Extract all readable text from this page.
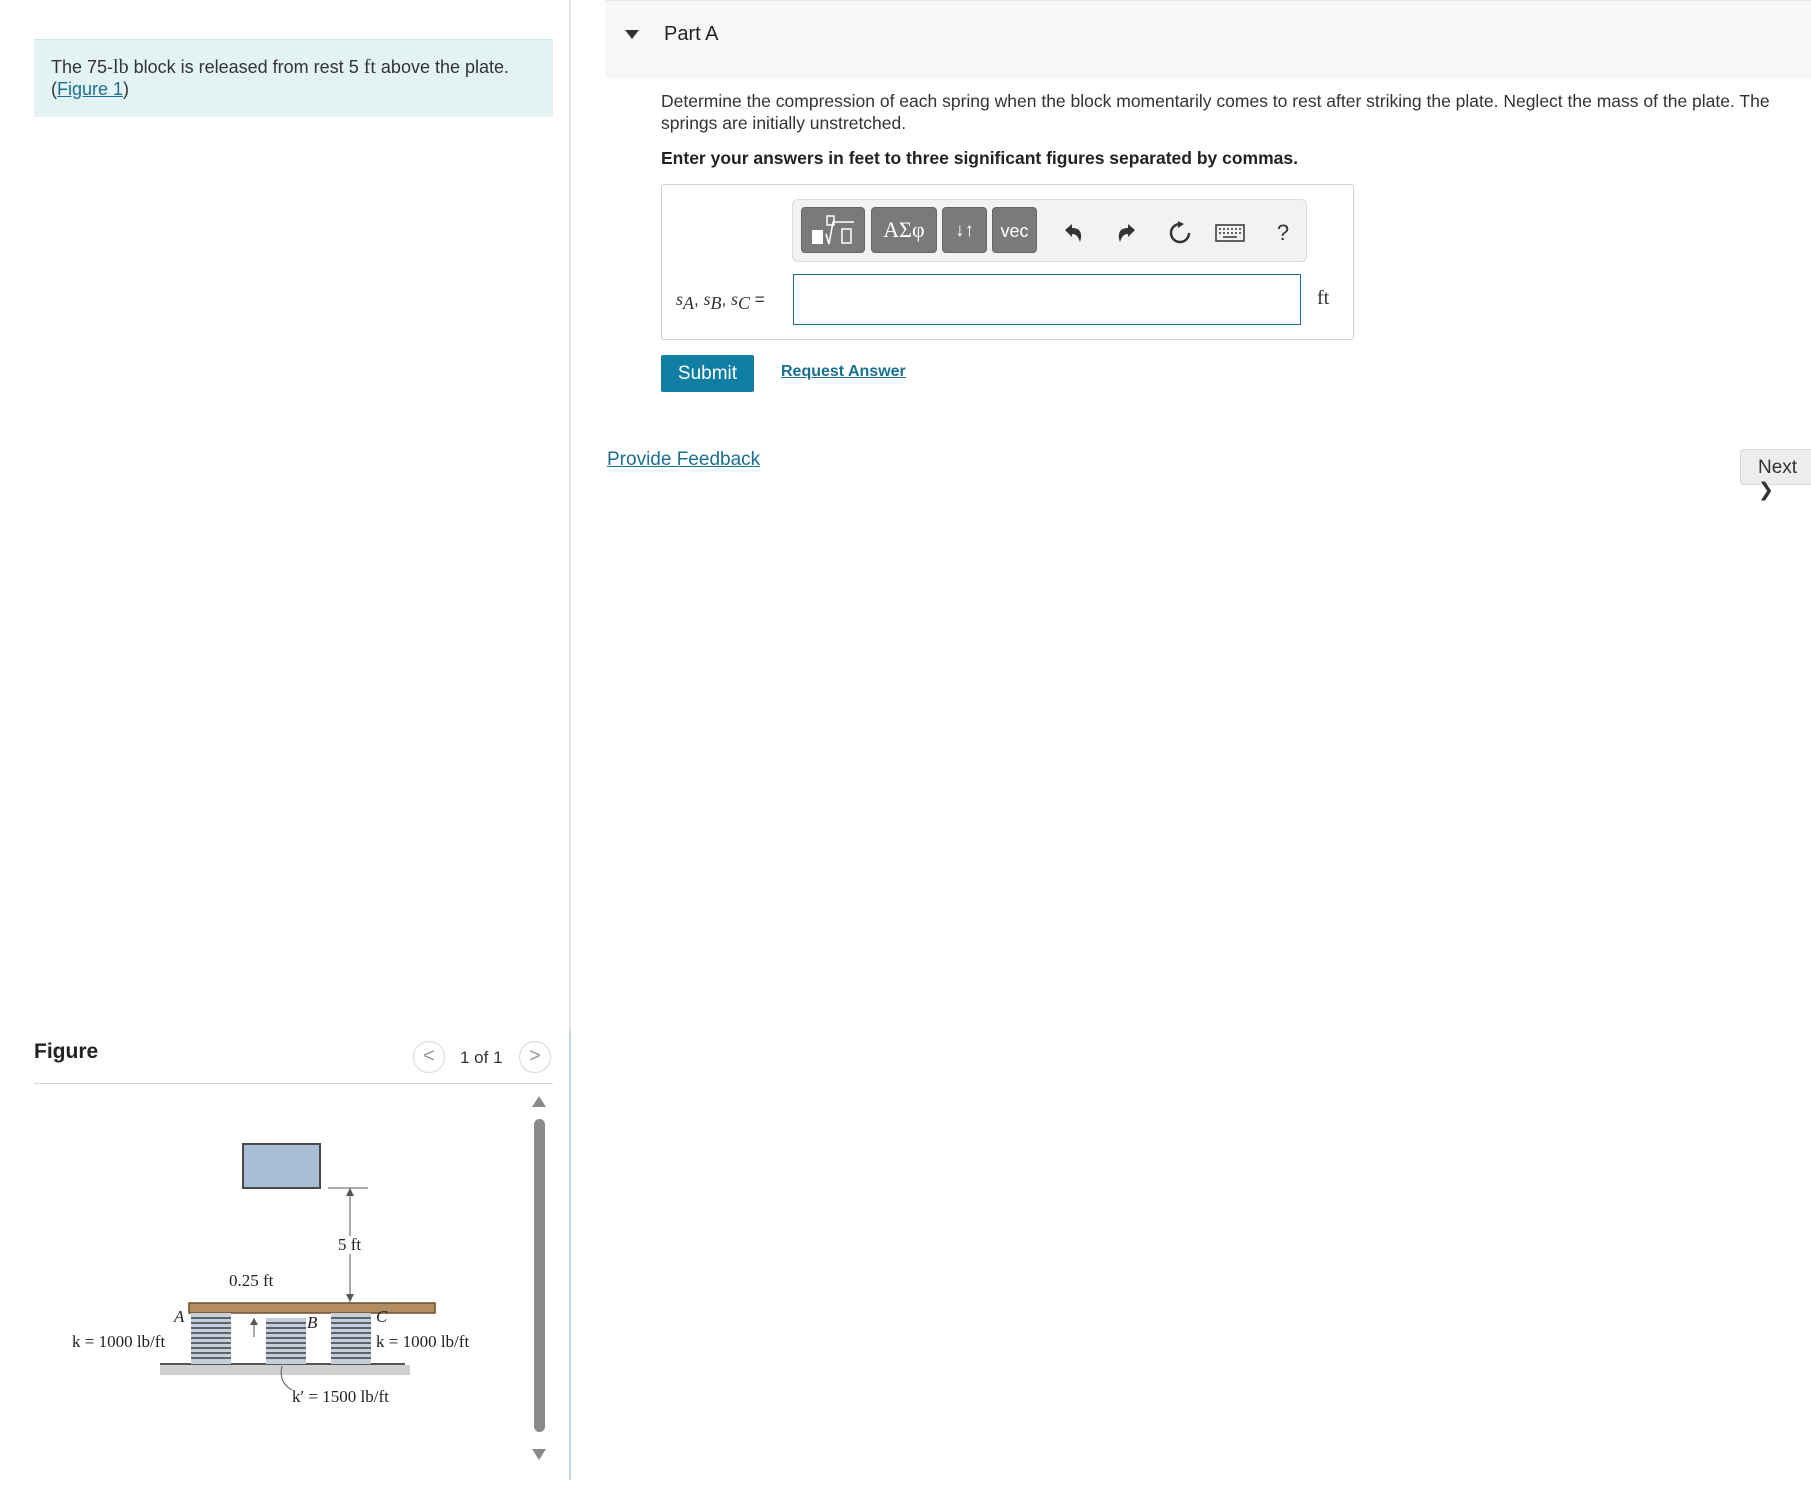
The 75-lb block is released from rest 5 ft above the plate.
(Figure 1)
Figure	<	1 of 1	>
5 ft
0.25 ft
A	B	C
k = 1000 lb/ft	k = 1000 lb/ft
k′ = 1500 lb/ft
Part A
Determine the compression of each spring when the block momentarily comes to rest after striking the plate. Neglect the mass of the plate. The springs are initially unstretched.
Enter your answers in feet to three significant figures separated by commas.
ΑΣφ	↓↑	vec	?
$s_A$, $s_B$, $s_C$ =	ft
Submit	Request Answer
Provide Feedback	Next ❯
